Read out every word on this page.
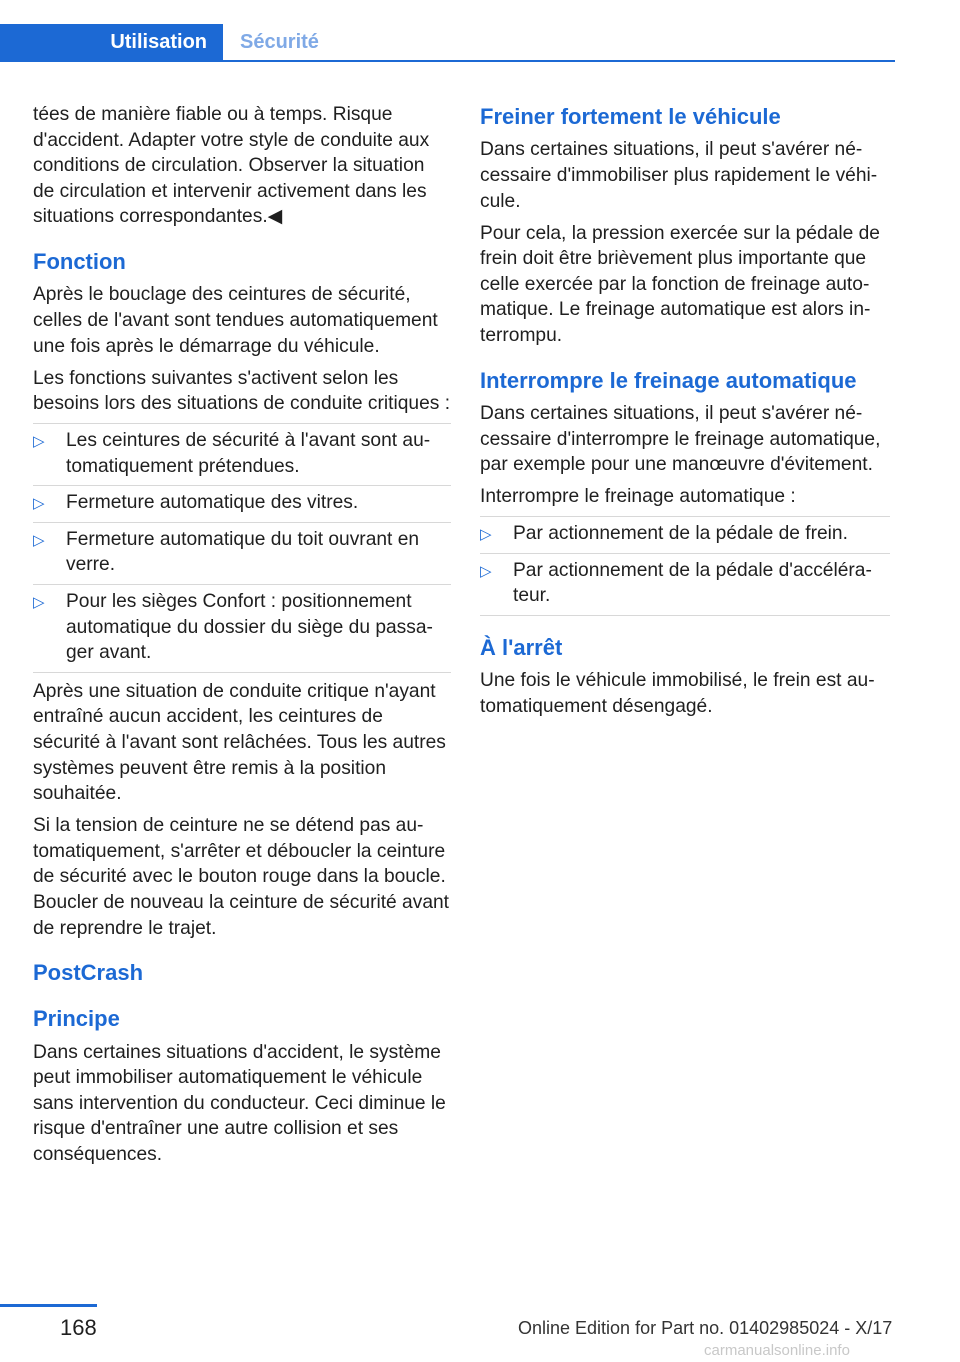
Utilisation	Sécurité

tées de manière fiable ou à temps. Risque d'accident. Adapter votre style de conduite aux conditions de circulation. Observer la situation de circulation et intervenir activement dans les situations correspondantes.◀

Fonction

Après le bouclage des ceintures de sécurité, celles de l'avant sont tendues automatiquement une fois après le démarrage du véhicule.

Les fonctions suivantes s'activent selon les besoins lors des situations de conduite critiques :

▷ Les ceintures de sécurité à l'avant sont automatiquement prétendues.
▷ Fermeture automatique des vitres.
▷ Fermeture automatique du toit ouvrant en verre.
▷ Pour les sièges Confort : positionnement automatique du dossier du siège du passager avant.

Après une situation de conduite critique n'ayant entraîné aucun accident, les ceintures de sécurité à l'avant sont relâchées. Tous les autres systèmes peuvent être remis à la position souhaitée.

Si la tension de ceinture ne se détend pas automatiquement, s'arrêter et déboucler la ceinture de sécurité avec le bouton rouge dans la boucle. Boucler de nouveau la ceinture de sécurité avant de reprendre le trajet.

PostCrash

Principe

Dans certaines situations d'accident, le système peut immobiliser automatiquement le véhicule sans intervention du conducteur. Ceci diminue le risque d'entraîner une autre collision et ses conséquences.

Freiner fortement le véhicule

Dans certaines situations, il peut s'avérer nécessaire d'immobiliser plus rapidement le véhicule.

Pour cela, la pression exercée sur la pédale de frein doit être brièvement plus importante que celle exercée par la fonction de freinage automatique. Le freinage automatique est alors interrompu.

Interrompre le freinage automatique

Dans certaines situations, il peut s'avérer nécessaire d'interrompre le freinage automatique, par exemple pour une manœuvre d'évitement.

Interrompre le freinage automatique :

▷ Par actionnement de la pédale de frein.
▷ Par actionnement de la pédale d'accélérateur.

À l'arrêt

Une fois le véhicule immobilisé, le frein est automatiquement désengagé.

168	Online Edition for Part no. 01402985024 - X/17
carmanualsonline.info
